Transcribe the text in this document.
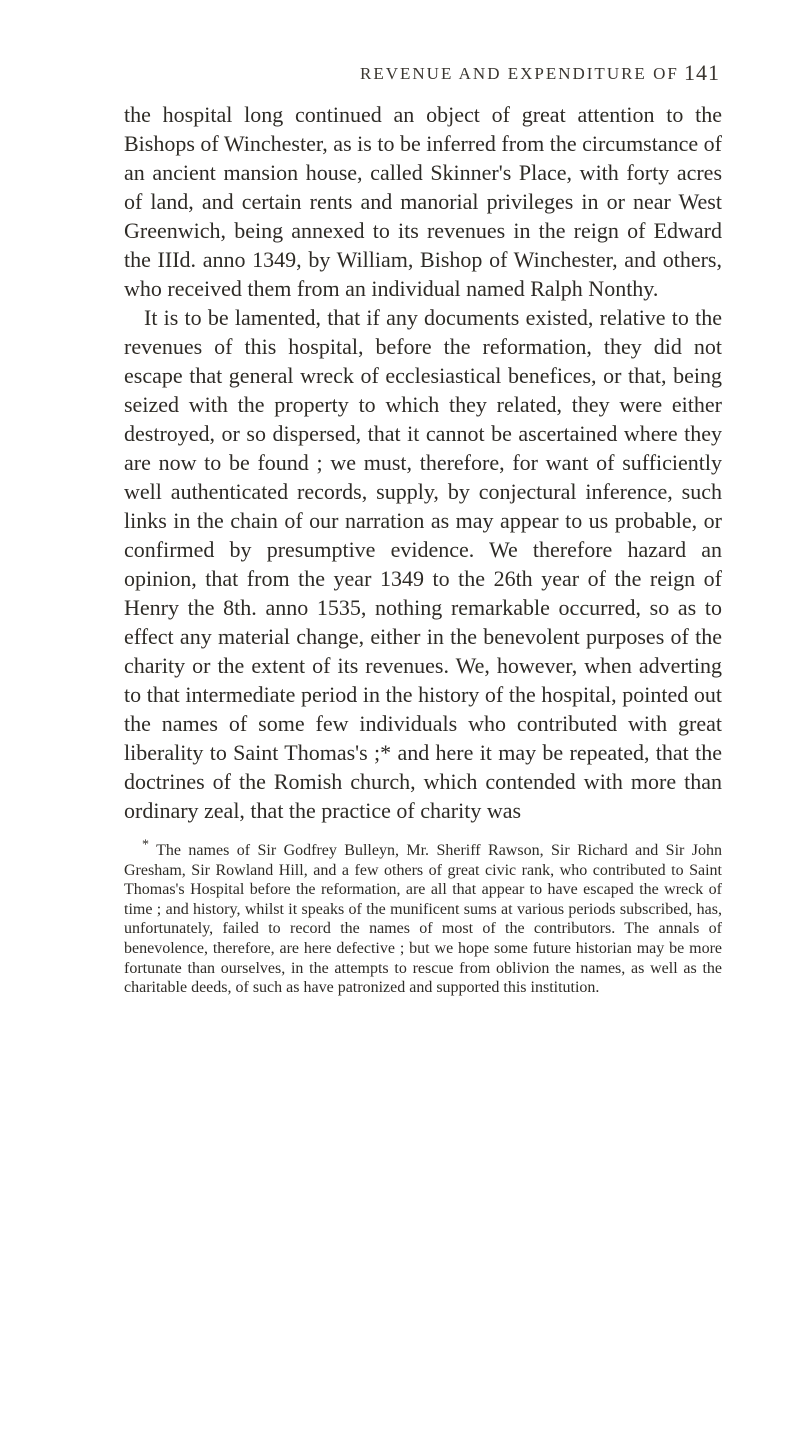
REVENUE AND EXPENDITURE OF 141

the hospital long continued an object of great attention to the Bishops of Winchester, as is to be inferred from the circumstance of an ancient mansion house, called Skinner's Place, with forty acres of land, and certain rents and manorial privileges in or near West Greenwich, being annexed to its revenues in the reign of Edward the IIId. anno 1349, by William, Bishop of Winchester, and others, who received them from an individual named Ralph Nonthy.

It is to be lamented, that if any documents existed, relative to the revenues of this hospital, before the reformation, they did not escape that general wreck of ecclesiastical benefices, or that, being seized with the property to which they related, they were either destroyed, or so dispersed, that it cannot be ascertained where they are now to be found ; we must, therefore, for want of sufficiently well authenticated records, supply, by conjectural inference, such links in the chain of our narration as may appear to us probable, or confirmed by presumptive evidence. We therefore hazard an opinion, that from the year 1349 to the 26th year of the reign of Henry the 8th. anno 1535, nothing remarkable occurred, so as to effect any material change, either in the benevolent purposes of the charity or the extent of its revenues. We, however, when adverting to that intermediate period in the history of the hospital, pointed out the names of some few individuals who contributed with great liberality to Saint Thomas's ;* and here it may be repeated, that the doctrines of the Romish church, which contended with more than ordinary zeal, that the practice of charity was

* The names of Sir Godfrey Bulleyn, Mr. Sheriff Rawson, Sir Richard and Sir John Gresham, Sir Rowland Hill, and a few others of great civic rank, who contributed to Saint Thomas's Hospital before the reformation, are all that appear to have escaped the wreck of time ; and history, whilst it speaks of the munificent sums at various periods subscribed, has, unfortunately, failed to record the names of most of the contributors. The annals of benevolence, therefore, are here defective ; but we hope some future historian may be more fortunate than ourselves, in the attempts to rescue from oblivion the names, as well as the charitable deeds, of such as have patronized and supported this institution.
